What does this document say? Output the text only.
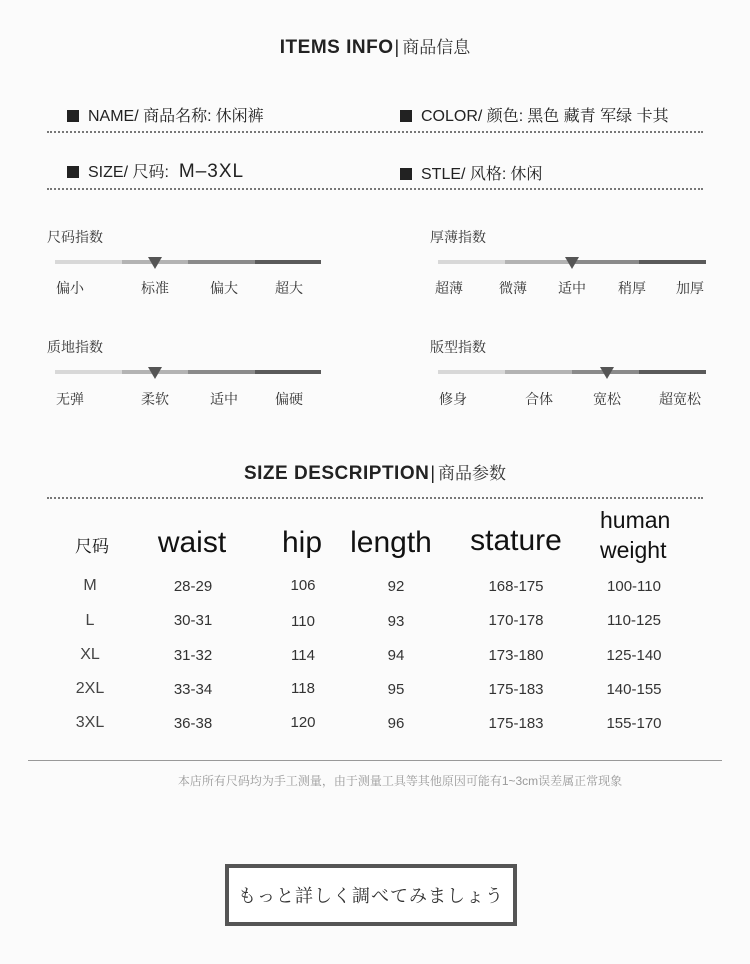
ITEMS INFO| 商品信息
NAME/ 商品名称: 休闲裤	COLOR/ 颜色: 黑色 藏青 军绿 卡其
SIZE/ 尺码: M–3XL	STLE/ 风格: 休闲
尺码指数
偏小	标准	偏大	超大
厚薄指数
超薄	微薄 适中 稍厚 加厚
质地指数
无弹	柔软	适中	偏硬
版型指数
修身	合体	宽松	超宽松
SIZE DESCRIPTION| 商品参数
尺码 waist hip length stature
human
weight
M	28-29	106	92	168-175	100-110
L	30-31	110	93	170-178	110-125
XL	31-32	114	94	173-180	125-140
2XL	33-34	118	95	175-183	140-155
3XL	36-38	120	96	175-183	155-170
本店所有尺码均为手工测量，由于测量工具等其他原因可能有1~3cm误差属正常现象
もっと詳しく調べてみましょう
